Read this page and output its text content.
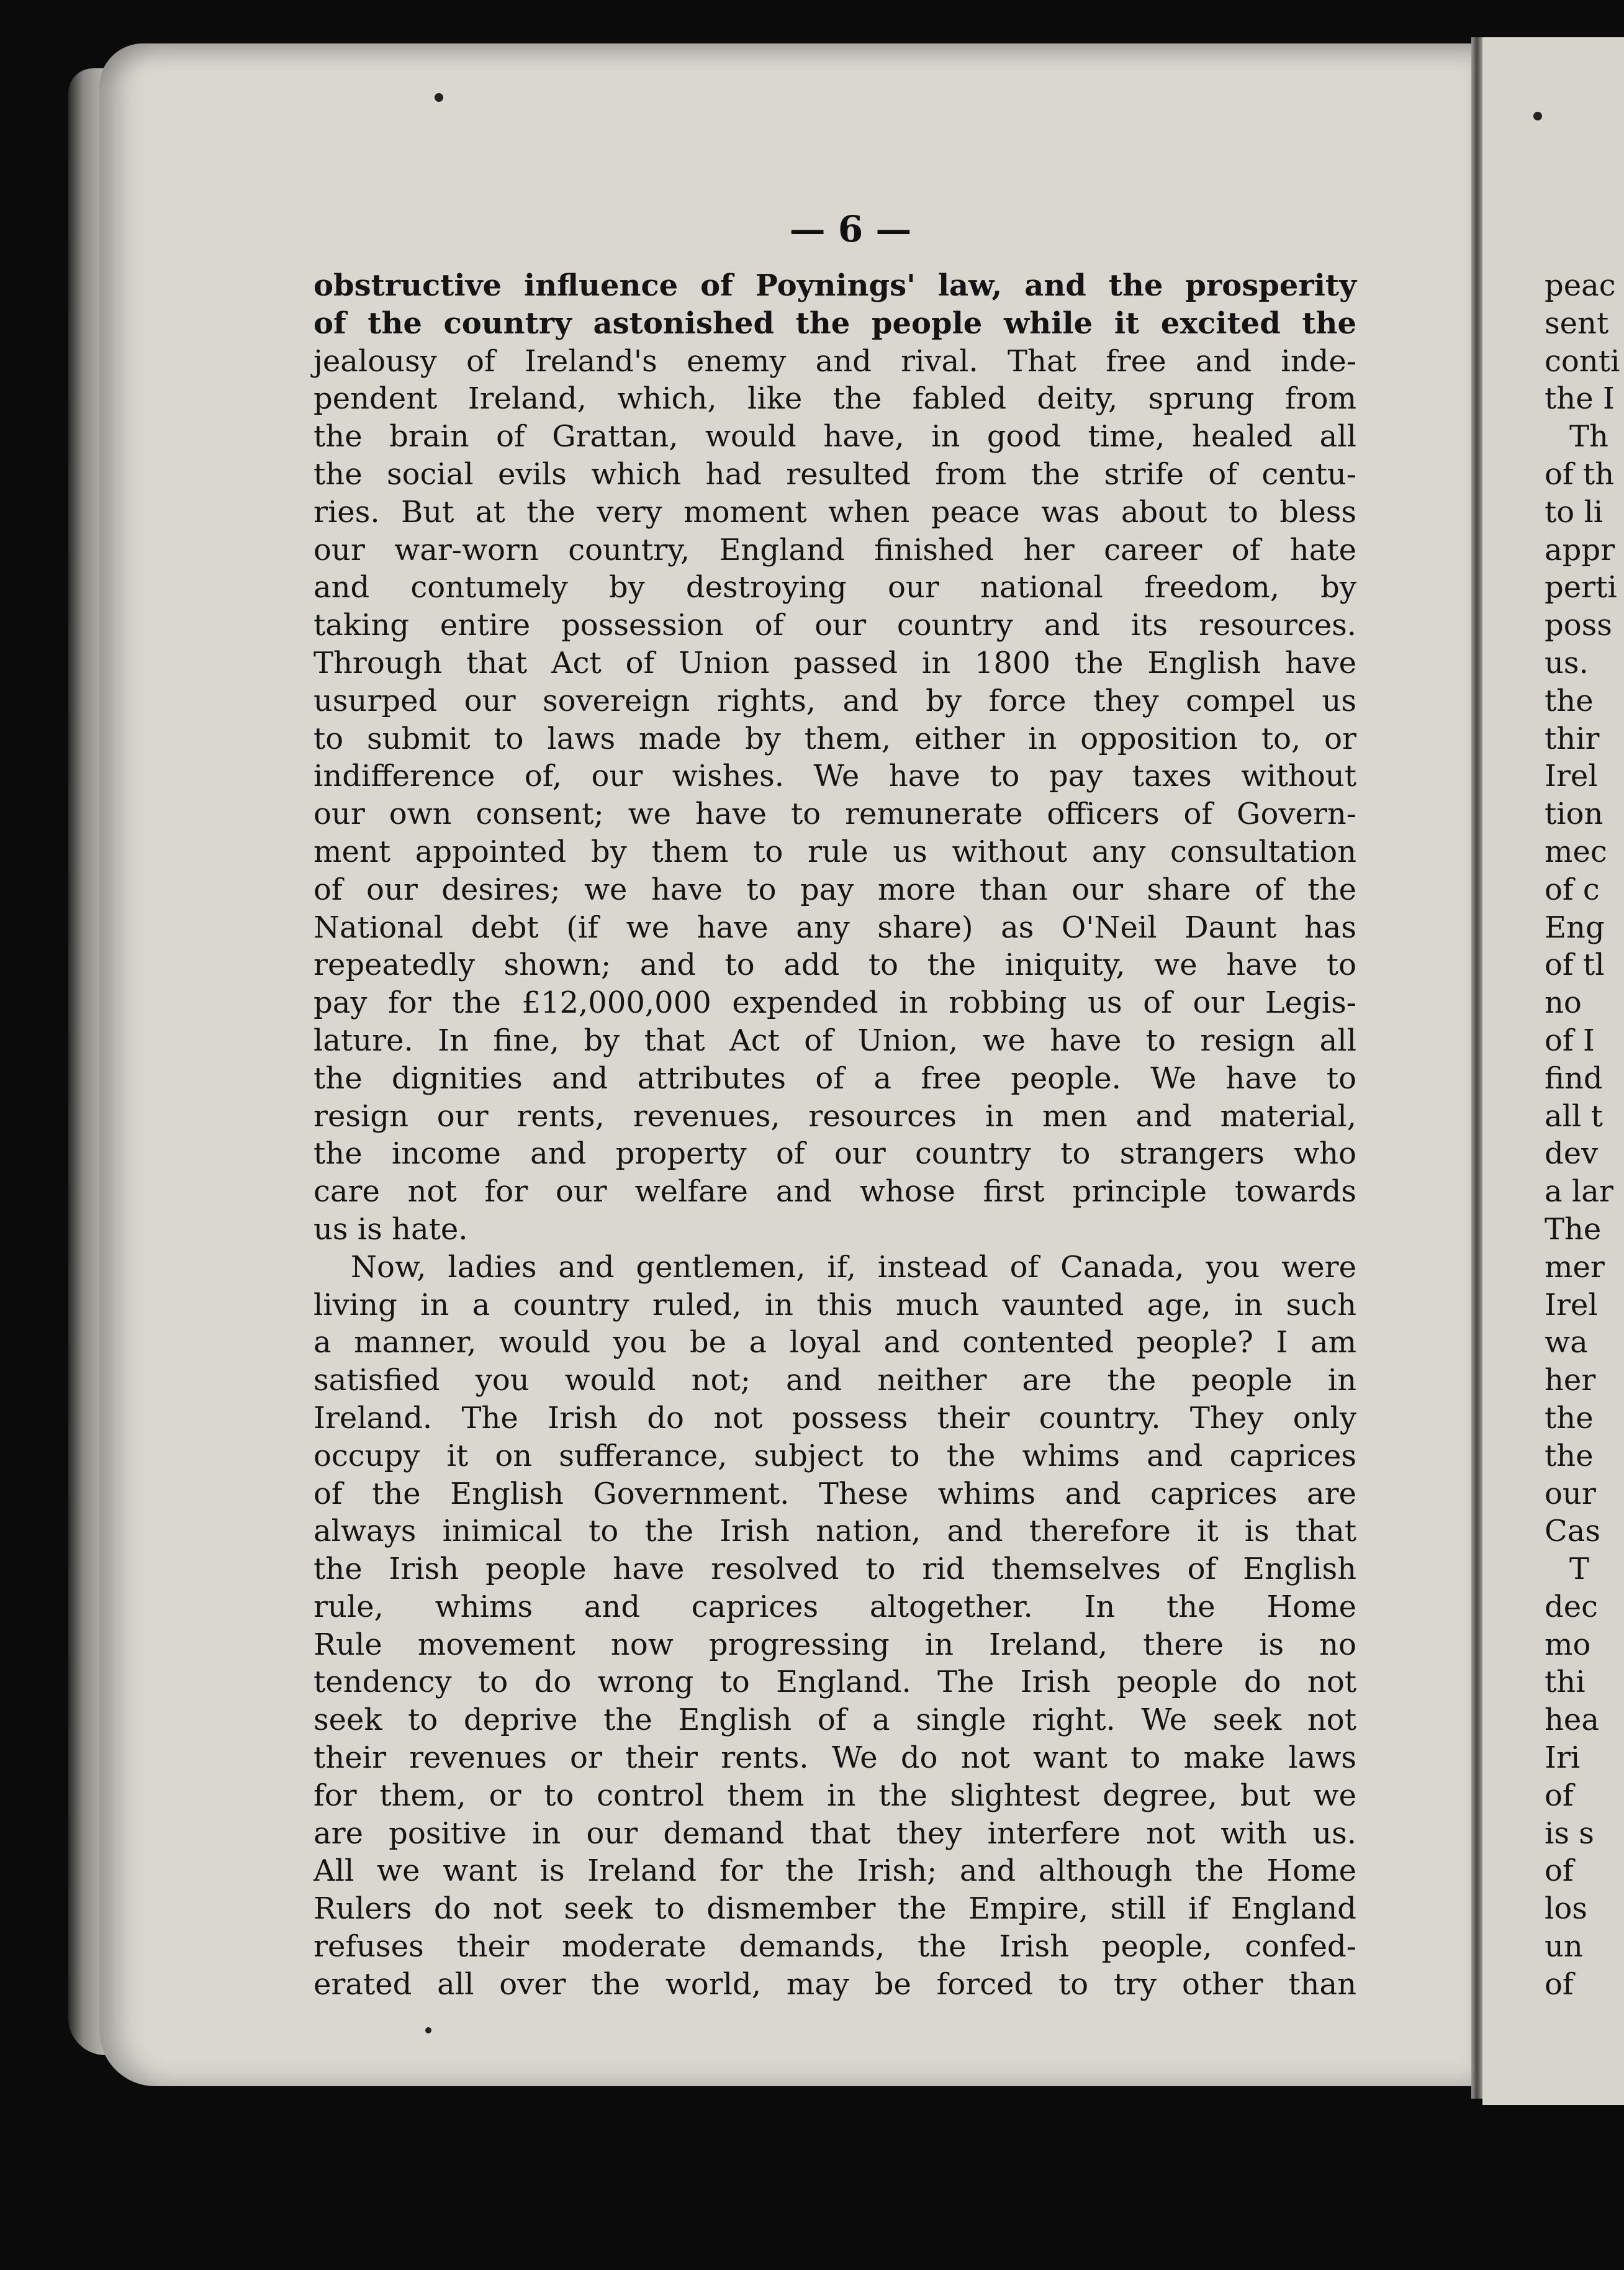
— 6 —
obstructive influence of Poynings' law, and the prosperity
of the country astonished the people while it excited the
jealousy of Ireland's enemy and rival. That free and inde-
pendent Ireland, which, like the fabled deity, sprung from
the brain of Grattan, would have, in good time, healed all
the social evils which had resulted from the strife of centu-
ries. But at the very moment when peace was about to bless
our war-worn country, England finished her career of hate
and contumely by destroying our national freedom, by
taking entire possession of our country and its resources.
Through that Act of Union passed in 1800 the English have
usurped our sovereign rights, and by force they compel us
to submit to laws made by them, either in opposition to, or
indifference of, our wishes. We have to pay taxes without
our own consent; we have to remunerate officers of Govern-
ment appointed by them to rule us without any consultation
of our desires; we have to pay more than our share of the
National debt (if we have any share) as O'Neil Daunt has
repeatedly shown; and to add to the iniquity, we have to
pay for the £12,000,000 expended in robbing us of our Legis-
lature. In fine, by that Act of Union, we have to resign all
the dignities and attributes of a free people. We have to
resign our rents, revenues, resources in men and material,
the income and property of our country to strangers who
care not for our welfare and whose first principle towards
us is hate.
Now, ladies and gentlemen, if, instead of Canada, you were
living in a country ruled, in this much vaunted age, in such
a manner, would you be a loyal and contented people? I am
satisfied you would not; and neither are the people in
Ireland. The Irish do not possess their country. They only
occupy it on sufferance, subject to the whims and caprices
of the English Government. These whims and caprices are
always inimical to the Irish nation, and therefore it is that
the Irish people have resolved to rid themselves of English
rule, whims and caprices altogether. In the Home
Rule movement now progressing in Ireland, there is no
tendency to do wrong to England. The Irish people do not
seek to deprive the English of a single right. We seek not
their revenues or their rents. We do not want to make laws
for them, or to control them in the slightest degree, but we
are positive in our demand that they interfere not with us.
All we want is Ireland for the Irish; and although the Home
Rulers do not seek to dismember the Empire, still if England
refuses their moderate demands, the Irish people, confed-
erated all over the world, may be forced to try other than
peac
sent
conti
the I
Th
of th
to li
appr
perti
poss
us.
the
thir
Irel
tion
mec
of c
Eng
of tl
no
of I
find
all t
dev
a lar
The
mer
Irel
wa
her
the
the
our
Cas
T
dec
mo
thi
hea
Iri
of
is s
of
los
un
of
